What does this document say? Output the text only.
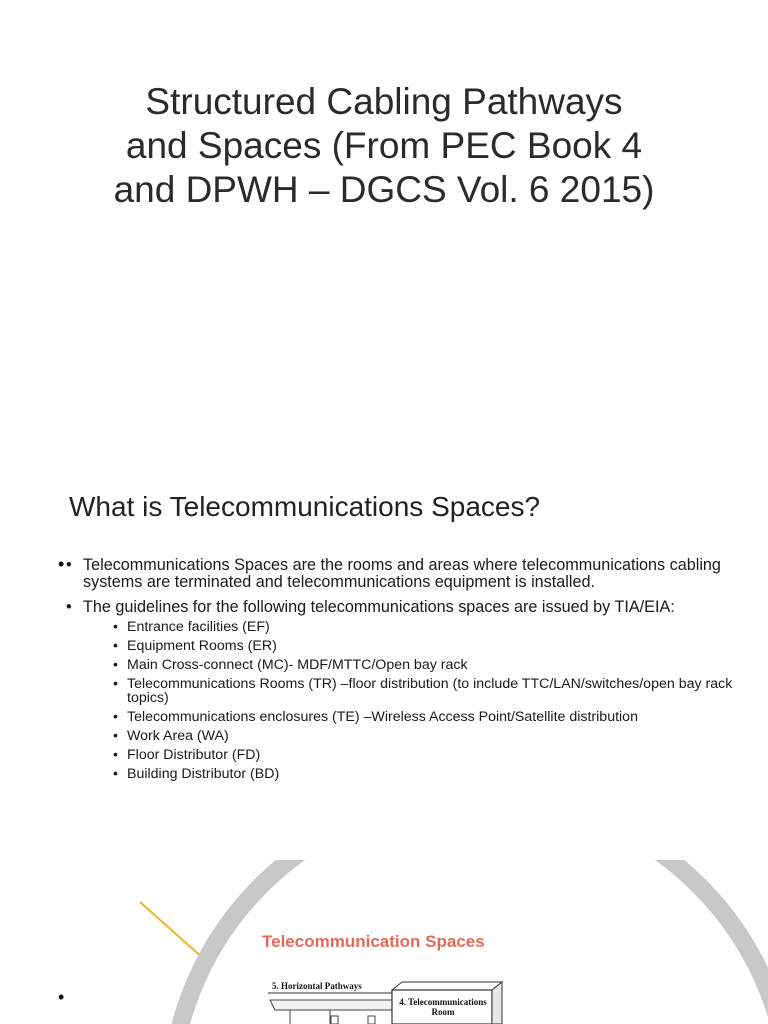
Structured Cabling Pathways
and Spaces (From PEC Book 4
and DPWH – DGCS Vol. 6 2015)
What is Telecommunications Spaces?
•
•	Telecommunications Spaces are the rooms and areas where telecommunications cabling systems are terminated and telecommunications equipment is installed.
• The guidelines for the following telecommunications spaces are issued by TIA/EIA:
• Entrance facilities (EF)
• Equipment Rooms (ER)
• Main Cross-connect (MC)- MDF/MTTC/Open bay rack
• Telecommunications Rooms (TR) –floor distribution (to include TTC/LAN/switches/open bay rack topics)
• Telecommunications enclosures (TE) –Wireless Access Point/Satellite distribution
• Work Area (WA)
• Floor Distributor (FD)
• Building Distributor (BD)
Telecommunication Spaces
5. Horizontal Pathways
4. Telecommunications Room
•
